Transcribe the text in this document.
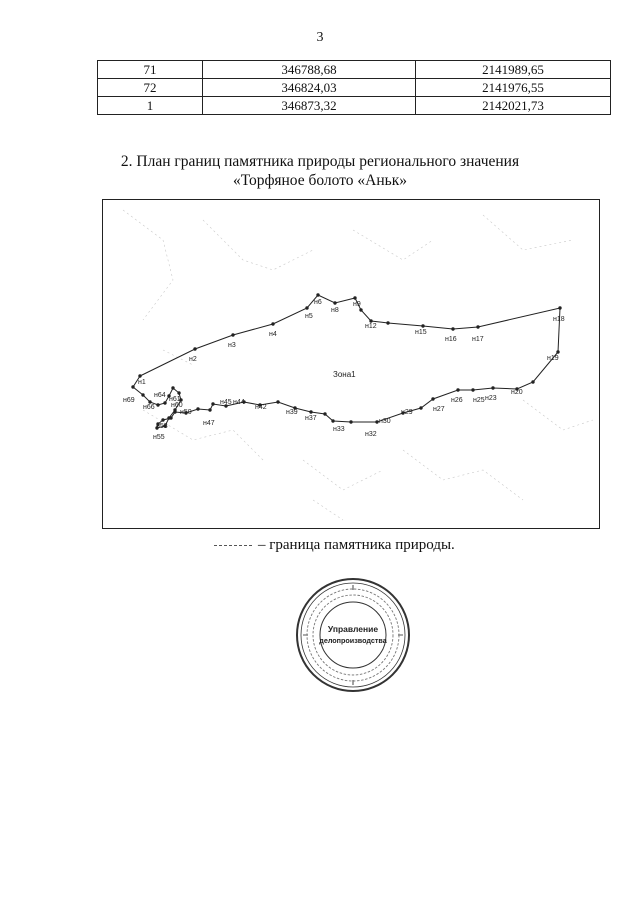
3
71	346788,68	2141989,65
72	346824,03	2141976,55
1	346873,32	2142021,73
2. План границ памятника природы регионального значения
«Торфяное болото «Аньк»
н1
н2
н3
н4
н5
н6
н8
н9
н12
н15
н16 н17
н18
н19
н20
н23
н25
н26
н27
н29
н30
н32
н33
н37
н39
н42
н44
н45
н47
н50
н55
н58
н60
н61
н64
н66
н69
Зона1
– граница памятника природы.
Управление
делопроизводства
